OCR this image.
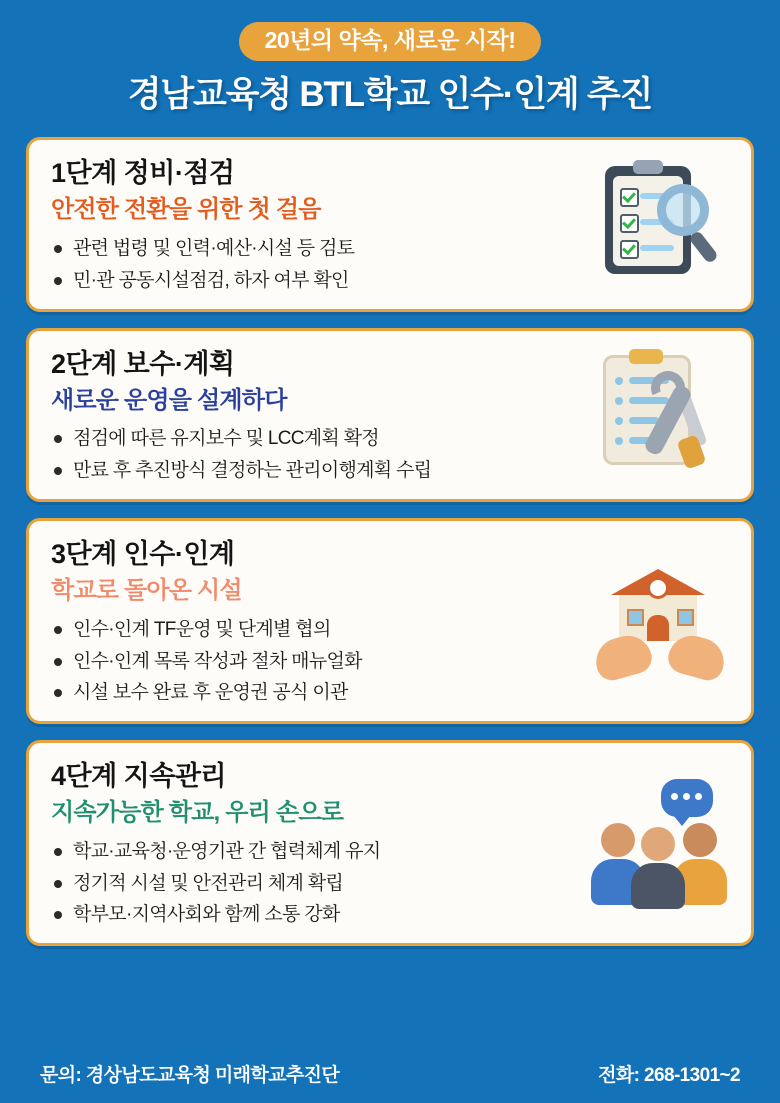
20년의 약속, 새로운 시작!
경남교육청 BTL학교 인수·인계 추진
1단계 정비·점검
안전한 전환을 위한 첫 걸음
관련 법령 및 인력·예산·시설 등 검토
민·관 공동시설점검, 하자 여부 확인
2단계 보수·계획
새로운 운영을 설계하다
점검에 따른 유지보수 및 LCC계획 확정
만료 후 추진방식 결정하는 관리이행계획 수립
3단계 인수·인계
학교로 돌아온 시설
인수·인계 TF운영 및 단계별 협의
인수·인계 목록 작성과 절차 매뉴얼화
시설 보수 완료 후 운영권 공식 이관
4단계 지속관리
지속가능한 학교, 우리 손으로
학교·교육청·운영기관 간 협력체계 유지
정기적 시설 및 안전관리 체계 확립
학부모·지역사회와 함께 소통 강화
문의: 경상남도교육청 미래학교추진단	전화: 268-1301~2
